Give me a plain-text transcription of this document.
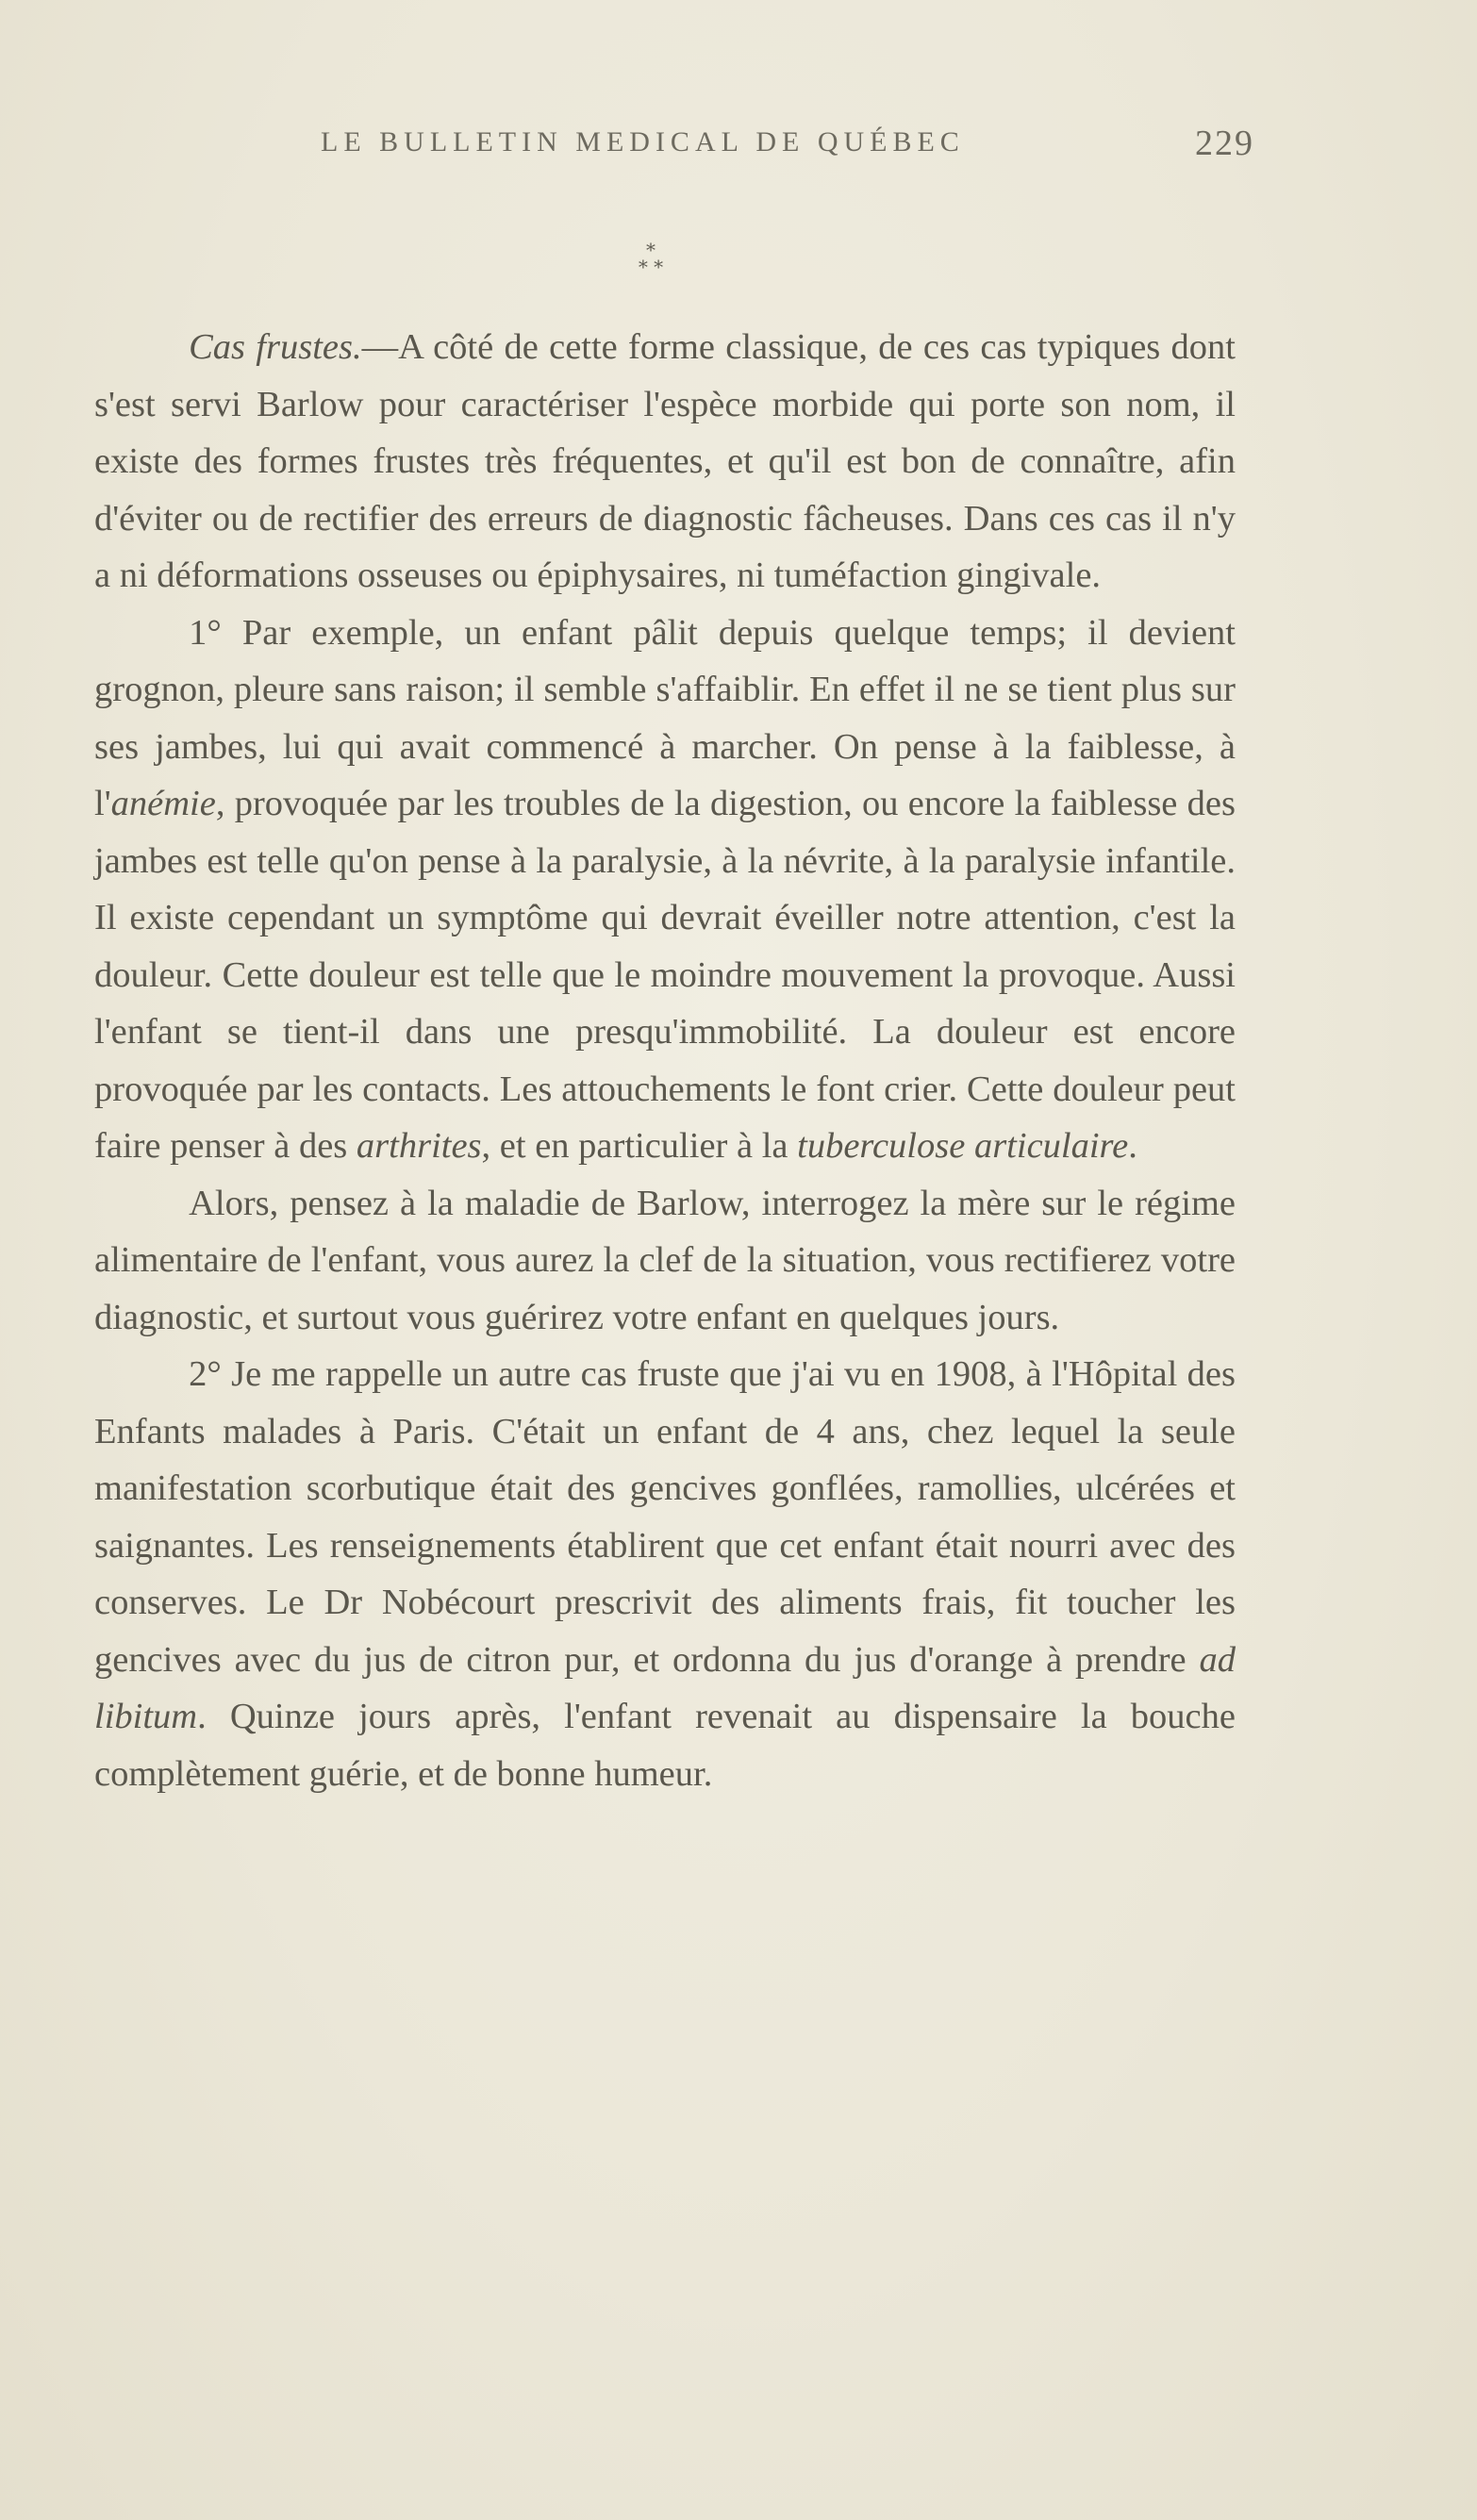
LE BULLETIN MEDICAL DE QUÉBEC	229
*
* *

Cas frustes.—A côté de cette forme classique, de ces cas typiques dont s'est servi Barlow pour caractériser l'espèce morbide qui porte son nom, il existe des formes frustes très fréquentes, et qu'il est bon de connaître, afin d'éviter ou de rectifier des erreurs de diagnostic fâcheuses. Dans ces cas il n'y a ni déformations osseuses ou épiphysaires, ni tuméfaction gingivale.

1° Par exemple, un enfant pâlit depuis quelque temps; il devient grognon, pleure sans raison; il semble s'affaiblir. En effet il ne se tient plus sur ses jambes, lui qui avait commencé à marcher. On pense à la faiblesse, à l'anémie, provoquée par les troubles de la digestion, ou encore la faiblesse des jambes est telle qu'on pense à la paralysie, à la névrite, à la paralysie infantile. Il existe cependant un symptôme qui devrait éveiller notre attention, c'est la douleur. Cette douleur est telle que le moindre mouvement la provoque. Aussi l'enfant se tient-il dans une presqu'immobilité. La douleur est encore provoquée par les contacts. Les attouchements le font crier. Cette douleur peut faire penser à des arthrites, et en particulier à la tuberculose articulaire.

Alors, pensez à la maladie de Barlow, interrogez la mère sur le régime alimentaire de l'enfant, vous aurez la clef de la situation, vous rectifierez votre diagnostic, et surtout vous guérirez votre enfant en quelques jours.

2° Je me rappelle un autre cas fruste que j'ai vu en 1908, à l'Hôpital des Enfants malades à Paris. C'était un enfant de 4 ans, chez lequel la seule manifestation scorbutique était des gencives gonflées, ramollies, ulcérées et saignantes. Les renseignements établirent que cet enfant était nourri avec des conserves. Le Dr Nobécourt prescrivit des aliments frais, fit toucher les gencives avec du jus de citron pur, et ordonna du jus d'orange à prendre ad libitum. Quinze jours après, l'enfant revenait au dispensaire la bouche complètement guérie, et de bonne humeur.
